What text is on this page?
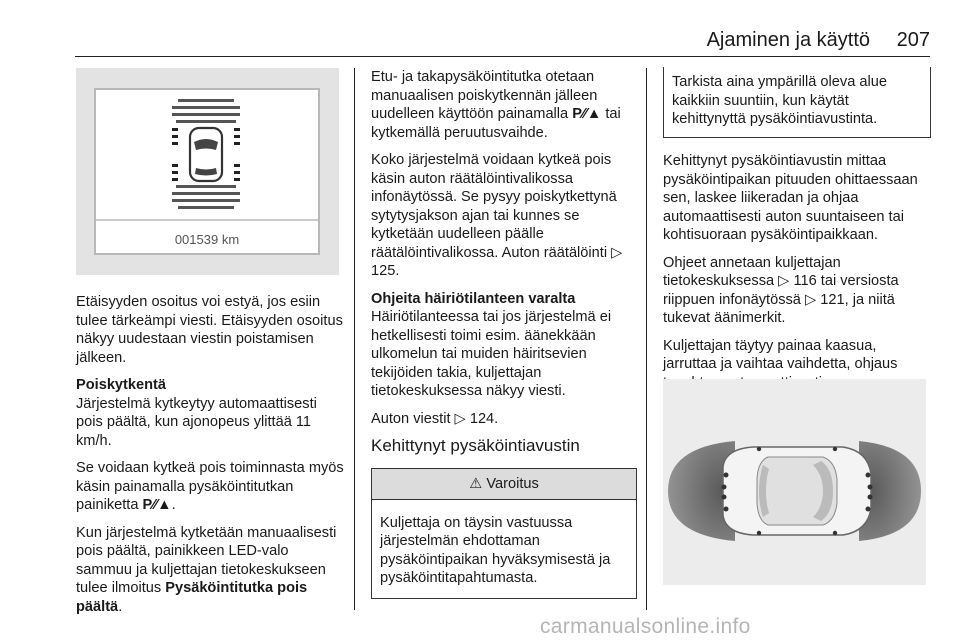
Ajaminen ja käyttö	207
001539 km

Etäisyyden osoitus voi estyä, jos esiin tulee tärkeämpi viesti. Etäisyyden osoitus näkyy uudestaan viestin poistamisen jälkeen.

Poiskytkentä

Järjestelmä kytkeytyy automaattisesti pois päältä, kun ajonopeus ylittää 11 km/h.

Se voidaan kytkeä pois toiminnasta myös käsin painamalla pysäköintitutkan painiketta P⁄⁄▲.

Kun järjestelmä kytketään manuaalisesti pois päältä, painikkeen LED-valo sammuu ja kuljettajan tietokeskukseen tulee ilmoitus Pysäköintitutka pois päältä.

Etu- ja takapysäköintitutka otetaan manuaalisen poiskytkennän jälleen uudelleen käyttöön painamalla P⁄⁄▲ tai kytkemällä peruutusvaihde.

Koko järjestelmä voidaan kytkeä pois käsin auton räätälöintivalikossa infonäytössä. Se pysyy poiskytkettynä sytytysjakson ajan tai kunnes se kytketään uudelleen päälle räätälöintivalikossa. Auton räätälöinti ▷ 125.

Ohjeita häiriötilanteen varalta

Häiriötilanteessa tai jos järjestelmä ei hetkellisesti toimi esim. äänekkään ulkomelun tai muiden häiritsevien tekijöiden takia, kuljettajan tietokeskuksessa näkyy viesti.

Auton viestit ▷ 124.

Kehittynyt pysäköintiavustin
⚠ Varoitus
Kuljettaja on täysin vastuussa järjestelmän ehdottaman pysäköintipaikan hyväksymisestä ja pysäköintitapahtumasta.
Tarkista aina ympärillä oleva alue kaikkiin suuntiin, kun käytät kehittynyttä pysäköintiavustinta.

Kehittynyt pysäköintiavustin mittaa pysäköintipaikan pituuden ohittaessaan sen, laskee liikeradan ja ohjaa automaattisesti auton suuntaiseen tai kohtisuoraan pysäköintipaikkaan.

Ohjeet annetaan kuljettajan tietokeskuksessa ▷ 116 tai versiosta riippuen infonäytössä ▷ 121, ja niitä tukevat äänimerkit.

Kuljettajan täytyy painaa kaasua, jarruttaa ja vaihtaa vaihdetta, ohjaus

carmanualsonline.info
